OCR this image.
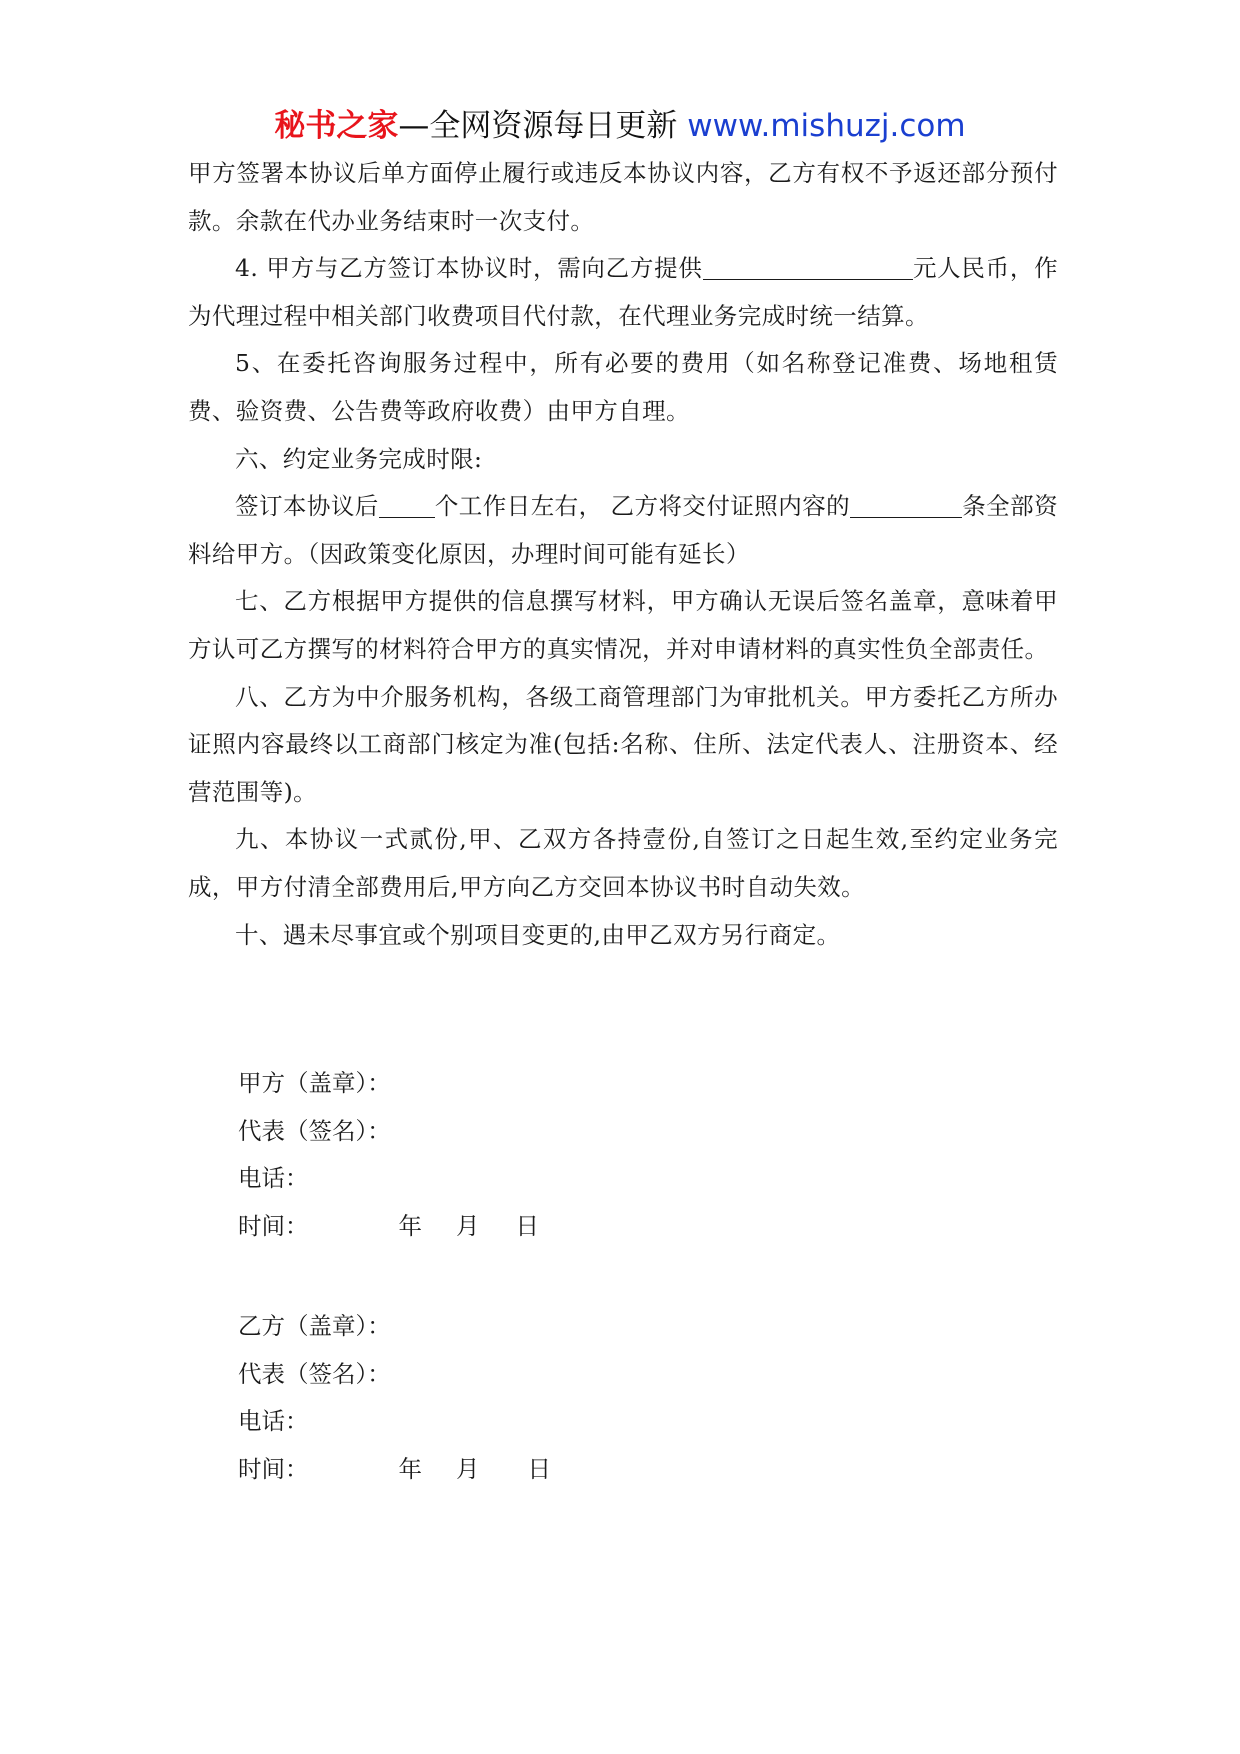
秘书之家—全网资源每日更新 www.mishuzj.com

甲方签署本协议后单方面停止履行或违反本协议内容，乙方有权不予返还部分预付款。余款在代办业务结束时一次支付。

4. 甲方与乙方签订本协议时，需向乙方提供	元人民币，作为代理过程中相关部门收费项目代付款，在代理业务完成时统一结算。

5、在委托咨询服务过程中，所有必要的费用（如名称登记准费、场地租赁费、验资费、公告费等政府收费）由甲方自理。

六、约定业务完成时限:

签订本协议后 个工作日左右， 乙方将交付证照内容的	条全部资料给甲方。（因政策变化原因，办理时间可能有延长）

七、乙方根据甲方提供的信息撰写材料，甲方确认无误后签名盖章，意味着甲方认可乙方撰写的材料符合甲方的真实情况，并对申请材料的真实性负全部责任。

八、乙方为中介服务机构，各级工商管理部门为审批机关。甲方委托乙方所办证照内容最终以工商部门核定为准(包括:名称、住所、法定代表人、注册资本、经营范围等)。

九、本协议一式贰份,甲、乙双方各持壹份,自签订之日起生效,至约定业务完成，甲方付清全部费用后,甲方向乙方交回本协议书时自动失效。

十、遇未尽事宜或个别项目变更的,由甲乙双方另行商定。

甲方（盖章）：
代表（签名）：
电话：
时间：	年 月 日
乙方（盖章）：
代表（签名）：
电话：
时间：	年 月 日
